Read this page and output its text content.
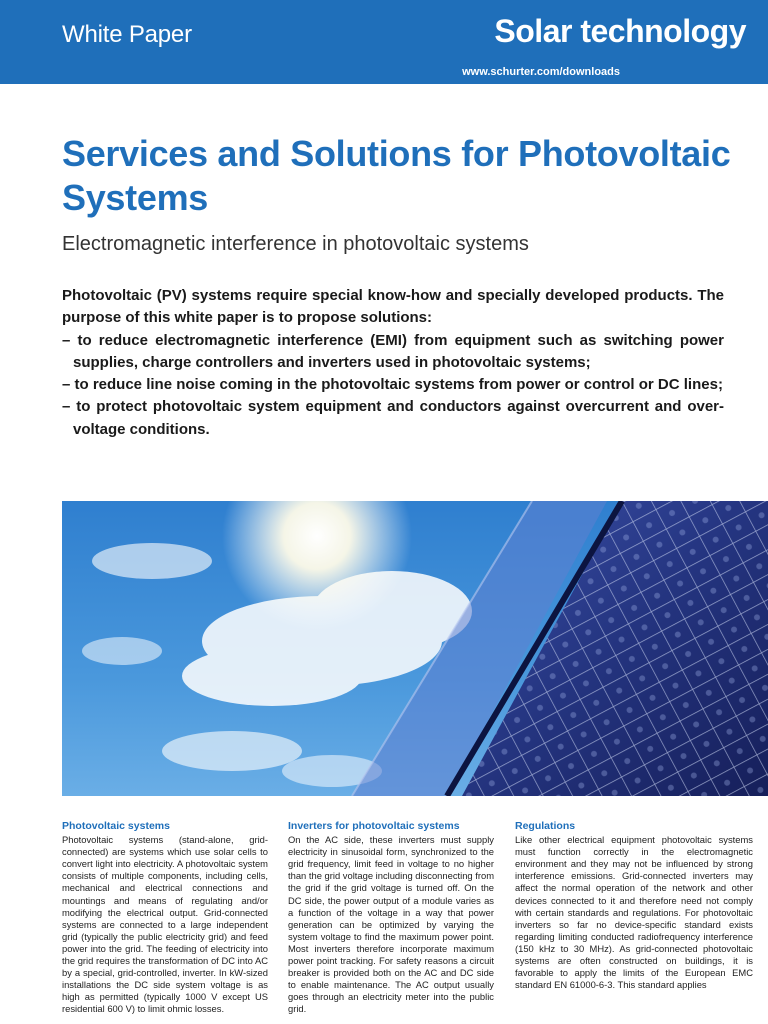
White Paper	Solar technology
www.schurter.com/downloads
Services and Solutions for Photovoltaic Systems
Electromagnetic interference in photovoltaic systems

Photovoltaic (PV) systems require special know-how and specially developed products. The purpose of this white paper is to propose solutions:

– to reduce electromagnetic interference (EMI) from equipment such as switching power supplies, charge controllers and inverters used in photovoltaic systems;
– to reduce line noise coming in the photovoltaic systems from power or control or DC lines;
– to protect photovoltaic system equipment and conductors against overcurrent and over-voltage conditions.
Photovoltaic systems

Photovoltaic systems (stand-alone, grid-connected) are systems which use solar cells to convert light into electricity. A photovoltaic system consists of multiple components, including cells, mechanical and electrical connections and mountings and means of regulating and/or modifying the electrical output. Grid-connected systems are connected to a large independent grid (typically the public electricity grid) and feed power into the grid. The feeding of electricity into the grid requires the transformation of DC into AC by a special, grid-controlled, inverter. In kW-sized installations the DC side system voltage is as high as permitted (typically 1000 V except US residential 600 V) to limit ohmic losses.

Inverters for photovoltaic systems

On the AC side, these inverters must supply electricity in sinusoidal form, synchronized to the grid frequency, limit feed in voltage to no higher than the grid voltage including disconnecting from the grid if the grid voltage is turned off. On the DC side, the power output of a module varies as a function of the voltage in a way that power generation can be optimized by varying the system voltage to find the maximum power point. Most inverters therefore incorporate maximum power point tracking. For safety reasons a circuit breaker is provided both on the AC and DC side to enable maintenance. The AC output usually goes through an electricity meter into the public grid.

Regulations

Like other electrical equipment photovoltaic systems must function correctly in the electromagnetic environment and they may not be influenced by strong interference emissions. Grid-connected inverters may affect the normal operation of the network and other devices connected to it and therefore need not comply with certain standards and regulations. For photovoltaic inverters so far no device-specific standard exists regarding limiting conducted radiofrequency interference (150 kHz to 30 MHz). As grid-connected photovoltaic systems are often constructed on buildings, it is favorable to apply the limits of the European EMC standard EN 61000-6-3. This standard applies
